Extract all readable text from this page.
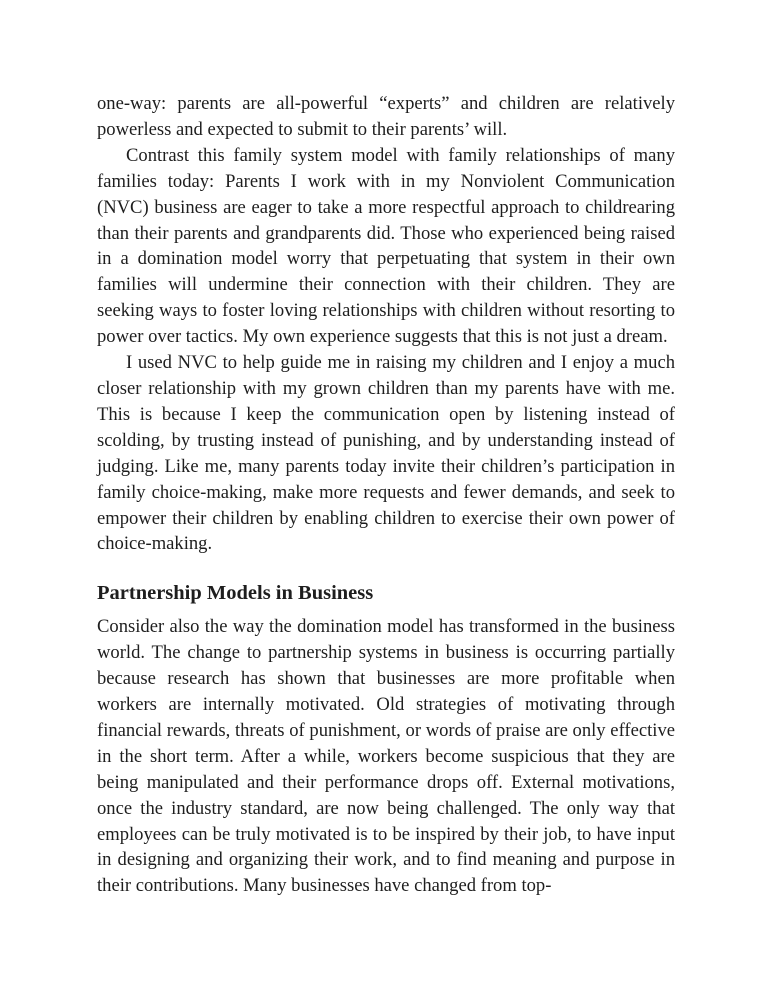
one-way: parents are all-powerful “experts” and children are relatively powerless and expected to submit to their parents’ will.

Contrast this family system model with family relationships of many families today: Parents I work with in my Nonviolent Communication (NVC) business are eager to take a more respectful approach to childrearing than their parents and grandparents did. Those who experienced being raised in a domination model worry that perpetuating that system in their own families will undermine their connection with their children. They are seeking ways to foster loving relationships with children without resorting to power over tactics. My own experience suggests that this is not just a dream.

I used NVC to help guide me in raising my children and I enjoy a much closer relationship with my grown children than my parents have with me. This is because I keep the communication open by listening instead of scolding, by trusting instead of punishing, and by understanding instead of judging. Like me, many parents today invite their children’s participation in family choice-making, make more requests and fewer demands, and seek to empower their children by enabling children to exercise their own power of choice-making.

Partnership Models in Business

Consider also the way the domination model has transformed in the business world. The change to partnership systems in business is occurring partially because research has shown that businesses are more profitable when workers are internally motivated. Old strategies of motivating through financial rewards, threats of punishment, or words of praise are only effective in the short term. After a while, workers become suspicious that they are being manipulated and their performance drops off. External motivations, once the industry standard, are now being challenged. The only way that employees can be truly motivated is to be inspired by their job, to have input in designing and organizing their work, and to find meaning and purpose in their contributions. Many businesses have changed from top-
